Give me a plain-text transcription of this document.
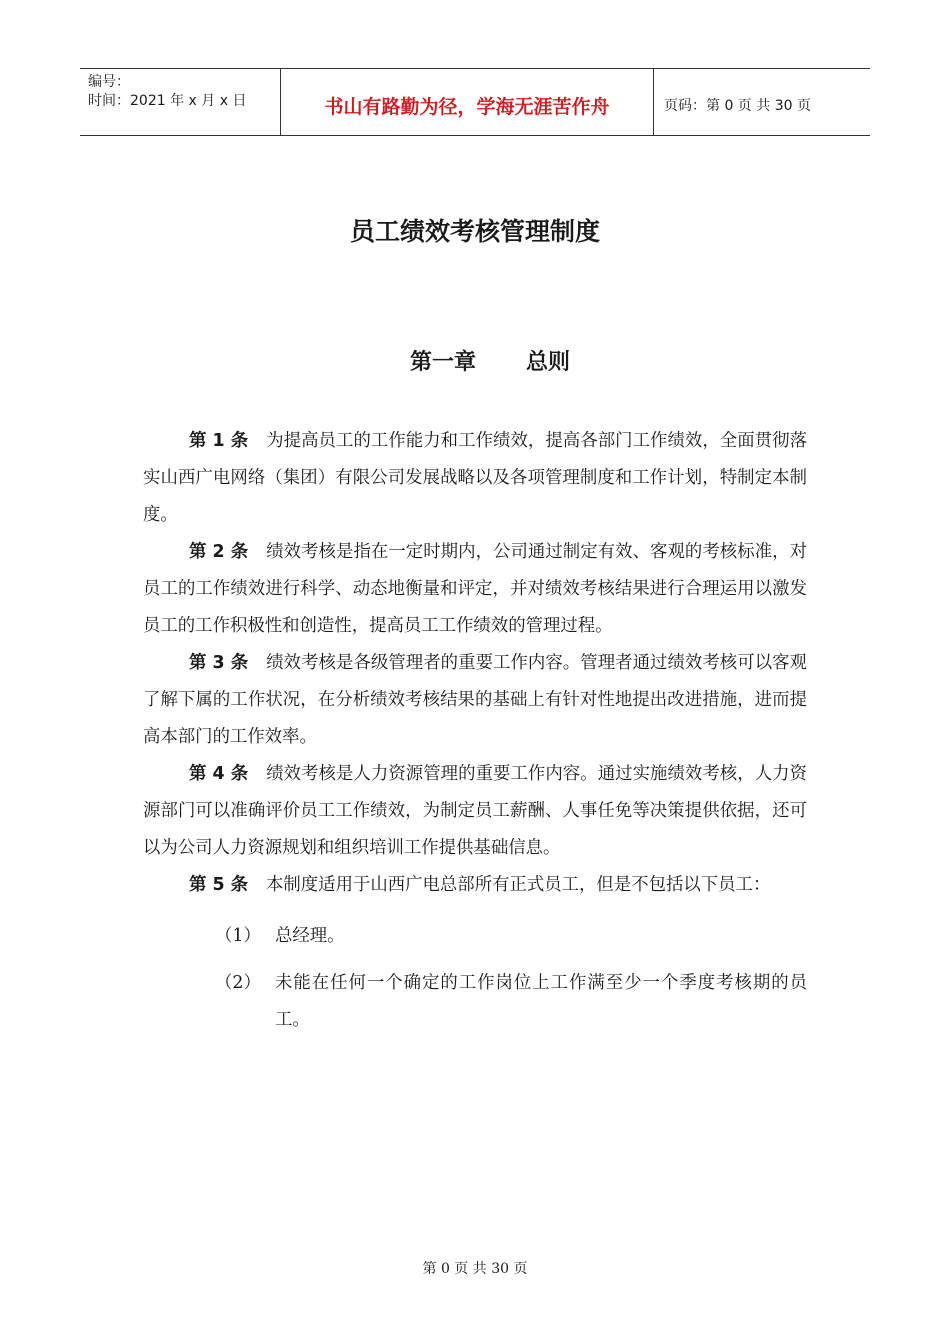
编号：
时间：2021 年 x 月 x 日	书山有路勤为径，学海无涯苦作舟	页码：第 0 页 共 30 页
员工绩效考核管理制度
第一章 总则

第 1 条 为提高员工的工作能力和工作绩效，提高各部门工作绩效，全面贯彻落实山西广电网络（集团）有限公司发展战略以及各项管理制度和工作计划，特制定本制度。

第 2 条 绩效考核是指在一定时期内，公司通过制定有效、客观的考核标准，对员工的工作绩效进行科学、动态地衡量和评定，并对绩效考核结果进行合理运用以激发员工的工作积极性和创造性，提高员工工作绩效的管理过程。

第 3 条 绩效考核是各级管理者的重要工作内容。管理者通过绩效考核可以客观了解下属的工作状况，在分析绩效考核结果的基础上有针对性地提出改进措施，进而提高本部门的工作效率。

第 4 条 绩效考核是人力资源管理的重要工作内容。通过实施绩效考核，人力资源部门可以准确评价员工工作绩效，为制定员工薪酬、人事任免等决策提供依据，还可以为公司人力资源规划和组织培训工作提供基础信息。

第 5 条 本制度适用于山西广电总部所有正式员工，但是不包括以下员工：

（1） 总经理。
（2） 未能在任何一个确定的工作岗位上工作满至少一个季度考核期的员工。
第 0 页 共 30 页
